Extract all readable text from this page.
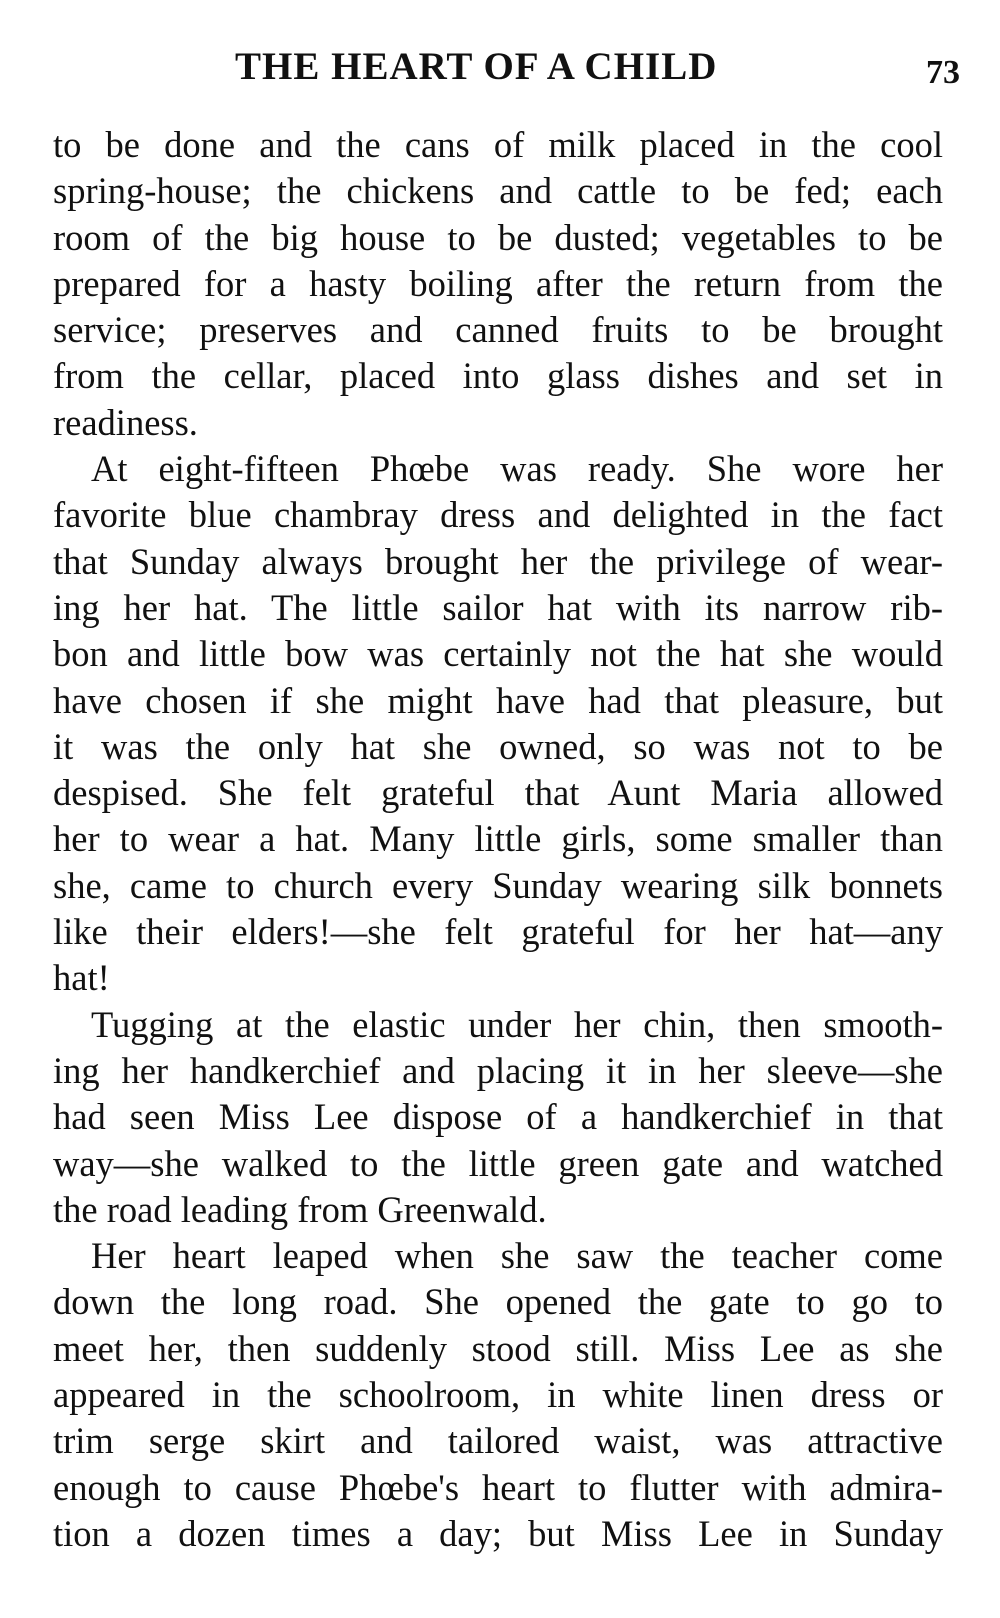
THE HEART OF A CHILD	73
to be done and the cans of milk placed in the cool
spring-house; the chickens and cattle to be fed; each
room of the big house to be dusted; vegetables to be
prepared for a hasty boiling after the return from the
service; preserves and canned fruits to be brought
from the cellar, placed into glass dishes and set in
readiness.
At eight-fifteen Phœbe was ready. She wore her
favorite blue chambray dress and delighted in the fact
that Sunday always brought her the privilege of wear-
ing her hat. The little sailor hat with its narrow rib-
bon and little bow was certainly not the hat she would
have chosen if she might have had that pleasure, but
it was the only hat she owned, so was not to be
despised. She felt grateful that Aunt Maria allowed
her to wear a hat. Many little girls, some smaller than
she, came to church every Sunday wearing silk bonnets
like their elders!—she felt grateful for her hat—any
hat!
Tugging at the elastic under her chin, then smooth-
ing her handkerchief and placing it in her sleeve—she
had seen Miss Lee dispose of a handkerchief in that
way—she walked to the little green gate and watched
the road leading from Greenwald.
Her heart leaped when she saw the teacher come
down the long road. She opened the gate to go to
meet her, then suddenly stood still. Miss Lee as she
appeared in the schoolroom, in white linen dress or
trim serge skirt and tailored waist, was attractive
enough to cause Phœbe's heart to flutter with admira-
tion a dozen times a day; but Miss Lee in Sunday
